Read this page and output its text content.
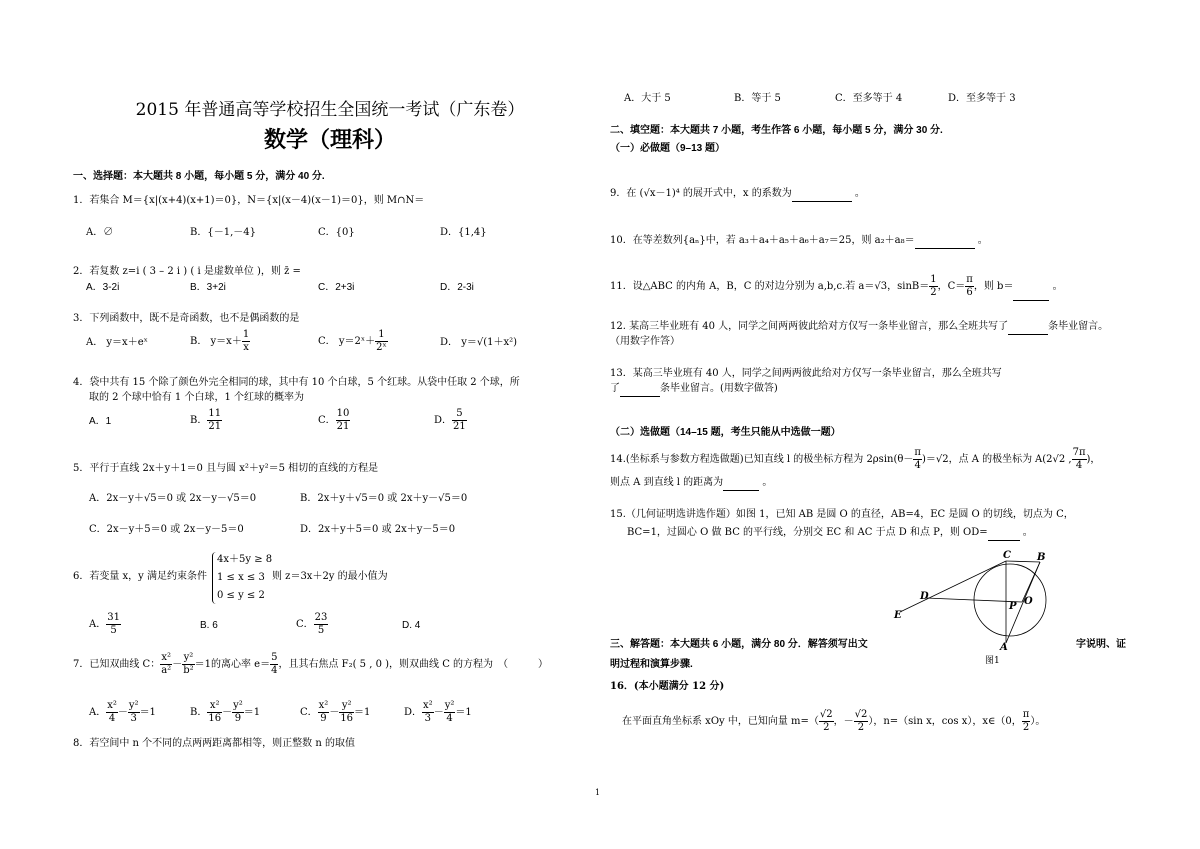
2015 年普通高等学校招生全国统一考试（广东卷）
数学（理科）
一、选择题：本大题共 8 小题，每小题 5 分，满分 40 分.
1．若集合 M＝{x|(x+4)(x+1)＝0}，N＝{x|(x－4)(x－1)＝0}，则 M∩N＝
A．∅	B．{－1,－4}	C．{0}	D．{1,4}
2．若复数 z=i ( 3 – 2 i ) ( i 是虚数单位 )，则 z̄ =
A．3-2i	B．3+2i	C．2+3i	D．2-3i
3．下列函数中，既不是奇函数，也不是偶函数的是
A． y＝x＋eˣ	B． $y=x+ \frac{1}{x}$	C． y＝2ˣ＋ $\frac{1}{\text{2ˣ}}$	D． y＝√(1＋x²)
4．袋中共有 15 个除了颜色外完全相同的球，其中有 10 个白球，5 个红球。从袋中任取 2 个球，所
取的 2 个球中恰有 1 个白球，1 个红球的概率为
A．1	B． $\frac{11}{21}$	C． $\frac{10}{21}$	D． $\frac{5}{21}$
5．平行于直线 2x＋y＋1＝0 且与圆 x²＋y²＝5 相切的直线的方程是
A．2x－y＋√5＝0 或 2x－y－√5＝0	B．2x＋y＋√5＝0 或 2x＋y－√5＝0
C．2x－y＋5＝0 或 2x－y－5＝0	D．2x＋y＋5＝0 或 2x＋y－5＝0
6．若变量 x，y 满足约束条件
4x＋5y ≥ 8
1 ≤ x ≤ 3
0 ≤ y ≤ 2
则 z＝3x＋2y 的最小值为
A． $\frac{31}{5}$	B. 6	C． $\frac{23}{5}$	D. 4
7．已知双曲线 C： $\frac{\text{x²}}{\text{a²}} - \frac{\text{y²}}{\text{b²}} =1$的离心率 $e= \frac{5}{4}$ ，且其右焦点 F₂( 5 , 0 )，则双曲线 C 的方程为　（　　　）
A． $\frac{\text{x²}}{4} - \frac{\text{y²}}{3} =1$	B． $\frac{\text{x²}}{16} - \frac{\text{y²}}{9} =1$	C． $\frac{\text{x²}}{9} - \frac{\text{y²}}{16} =1$	D． $\frac{\text{x²}}{3} - \frac{\text{y²}}{4} =1$
8．若空间中 n 个不同的点两两距离都相等，则正整数 n 的取值
A．大于 5	B．等于 5	C．至多等于 4	D．至多等于 3
二、填空题：本大题共 7 小题，考生作答 6 小题，每小题 5 分，满分 30 分.
（一）必做题（9–13 题）
9．在 (√x－1)⁴ 的展开式中，x 的系数为	。
10．在等差数列{aₙ}中，若 a₃＋a₄＋a₅＋a₆＋a₇＝25，则 a₂＋a₈＝	。
11．设△ABC 的内角 A，B，C 的对边分别为 a,b,c.若 a＝√3，$\sin B= \frac{1}{2}$ ，$C= \frac{\pi}{6}$ ，则 b＝	。
12. 某高三毕业班有 40 人，同学之间两两彼此给对方仅写一条毕业留言，那么全班共写了	条毕业留言。
（用数字作答）
13．某高三毕业班有 40 人，同学之间两两彼此给对方仅写一条毕业留言，那么全班共写
了	条毕业留言。(用数字做答)
（二）选做题（14–15 题，考生只能从中选做一题）
14.(坐标系与参数方程选做题)已知直线 l 的极坐标方程为 $2\rho\sin(\theta- \frac{\pi}{4} )=√2$，点 A 的极坐标为 A(2√2 , $\frac{7\pi}{4}$ )，
则点 A 到直线 l 的距离为	。
15.（几何证明选讲选作题）如图 1，已知 AB 是圆 O 的直径，AB=4，EC 是圆 O 的切线，切点为 C，
BC=1，过圆心 O 做 BC 的平行线，分别交 EC 和 AC 于点 D 和点 P，则 OD=	。
C	B
D
P O
E
A
图1
三、解答题：本大题共 6 小题，满分 80 分．解答须写出文	字说明、证
明过程和演算步骤.
16．(本小题满分 12 分)
在平面直角坐标系 xOy 中，已知向量 $m=( \frac{√2}{2}$ ，－ $\frac{√2}{2}$ ），n=（sin x，cos x），x∈（0， $\frac{\pi}{2}$ ）。
1
